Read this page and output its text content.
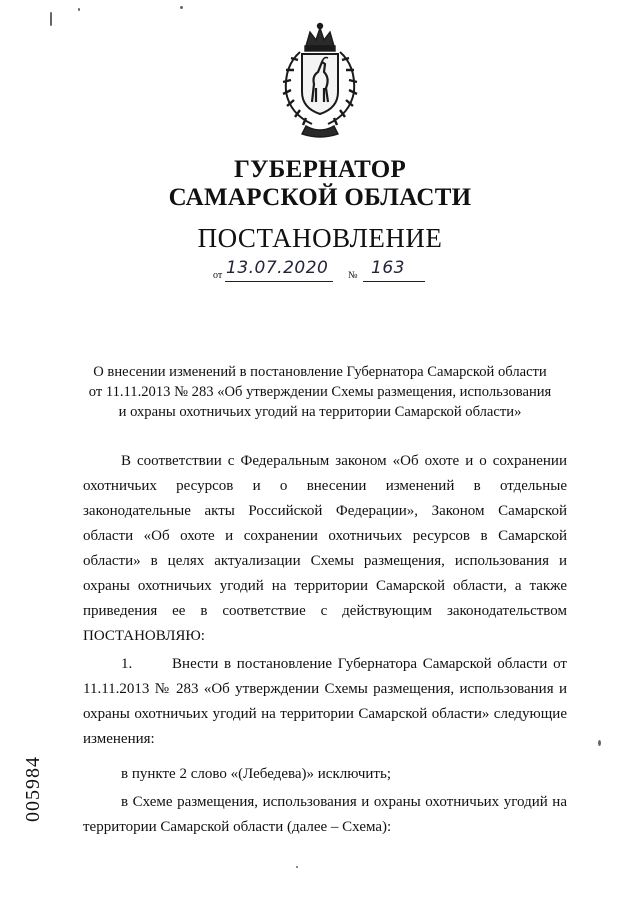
ГУБЕРНАТОР
САМАРСКОЙ ОБЛАСТИ
ПОСТАНОВЛЕНИЕ
от 13.07.2020 № 163
О внесении изменений в постановление Губернатора Самарской области
от 11.11.2013 № 283 «Об утверждении Схемы размещения, использования
и охраны охотничьих угодий на территории Самарской области»
В соответствии с Федеральным законом «Об охоте и о сохранении охотничьих ресурсов и о внесении изменений в отдельные законодательные акты Российской Федерации», Законом Самарской области «Об охоте и сохранении охотничьих ресурсов в Самарской области» в целях актуализации Схемы размещения, использования и охраны охотничьих угодий на территории Самарской области, а также приведения ее в соответствие с действующим законодательством ПОСТАНОВЛЯЮ:
1.	Внести в постановление Губернатора Самарской области от 11.11.2013 № 283 «Об утверждении Схемы размещения, использования и охраны охотничьих угодий на территории Самарской области» следующие изменения:
в пункте 2 слово «(Лебедева)» исключить;
в Схеме размещения, использования и охраны охотничьих угодий на территории Самарской области (далее – Схема):
005984
